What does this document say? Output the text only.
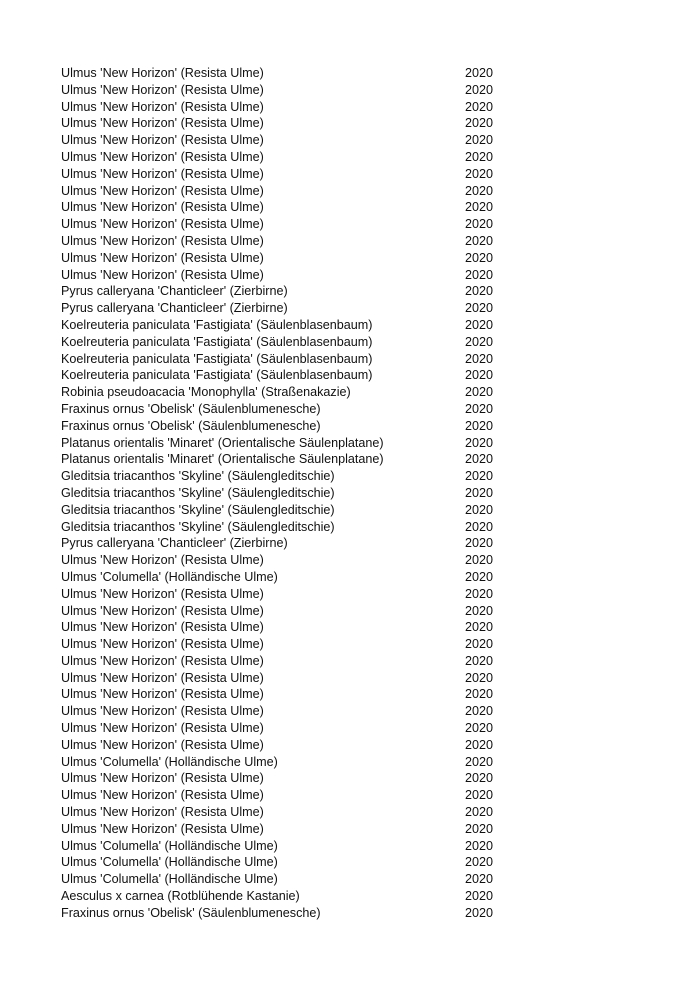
Ulmus 'New Horizon' (Resista Ulme)	2020
Ulmus 'New Horizon' (Resista Ulme)	2020
Ulmus 'New Horizon' (Resista Ulme)	2020
Ulmus 'New Horizon' (Resista Ulme)	2020
Ulmus 'New Horizon' (Resista Ulme)	2020
Ulmus 'New Horizon' (Resista Ulme)	2020
Ulmus 'New Horizon' (Resista Ulme)	2020
Ulmus 'New Horizon' (Resista Ulme)	2020
Ulmus 'New Horizon' (Resista Ulme)	2020
Ulmus 'New Horizon' (Resista Ulme)	2020
Ulmus 'New Horizon' (Resista Ulme)	2020
Ulmus 'New Horizon' (Resista Ulme)	2020
Ulmus 'New Horizon' (Resista Ulme)	2020
Pyrus calleryana 'Chanticleer' (Zierbirne)	2020
Pyrus calleryana 'Chanticleer' (Zierbirne)	2020
Koelreuteria paniculata 'Fastigiata' (Säulenblasenbaum)	2020
Koelreuteria paniculata 'Fastigiata' (Säulenblasenbaum)	2020
Koelreuteria paniculata 'Fastigiata' (Säulenblasenbaum)	2020
Koelreuteria paniculata 'Fastigiata' (Säulenblasenbaum)	2020
Robinia pseudoacacia 'Monophylla' (Straßenakazie)	2020
Fraxinus ornus 'Obelisk' (Säulenblumenesche)	2020
Fraxinus ornus 'Obelisk' (Säulenblumenesche)	2020
Platanus orientalis 'Minaret' (Orientalische Säulenplatane)	2020
Platanus orientalis 'Minaret' (Orientalische Säulenplatane)	2020
Gleditsia triacanthos 'Skyline' (Säulengleditschie)	2020
Gleditsia triacanthos 'Skyline' (Säulengleditschie)	2020
Gleditsia triacanthos 'Skyline' (Säulengleditschie)	2020
Gleditsia triacanthos 'Skyline' (Säulengleditschie)	2020
Pyrus calleryana 'Chanticleer' (Zierbirne)	2020
Ulmus 'New Horizon' (Resista Ulme)	2020
Ulmus 'Columella' (Holländische Ulme)	2020
Ulmus 'New Horizon' (Resista Ulme)	2020
Ulmus 'New Horizon' (Resista Ulme)	2020
Ulmus 'New Horizon' (Resista Ulme)	2020
Ulmus 'New Horizon' (Resista Ulme)	2020
Ulmus 'New Horizon' (Resista Ulme)	2020
Ulmus 'New Horizon' (Resista Ulme)	2020
Ulmus 'New Horizon' (Resista Ulme)	2020
Ulmus 'New Horizon' (Resista Ulme)	2020
Ulmus 'New Horizon' (Resista Ulme)	2020
Ulmus 'New Horizon' (Resista Ulme)	2020
Ulmus 'Columella' (Holländische Ulme)	2020
Ulmus 'New Horizon' (Resista Ulme)	2020
Ulmus 'New Horizon' (Resista Ulme)	2020
Ulmus 'New Horizon' (Resista Ulme)	2020
Ulmus 'New Horizon' (Resista Ulme)	2020
Ulmus 'Columella' (Holländische Ulme)	2020
Ulmus 'Columella' (Holländische Ulme)	2020
Ulmus 'Columella' (Holländische Ulme)	2020
Aesculus x carnea (Rotblühende Kastanie)	2020
Fraxinus ornus 'Obelisk' (Säulenblumenesche)	2020
